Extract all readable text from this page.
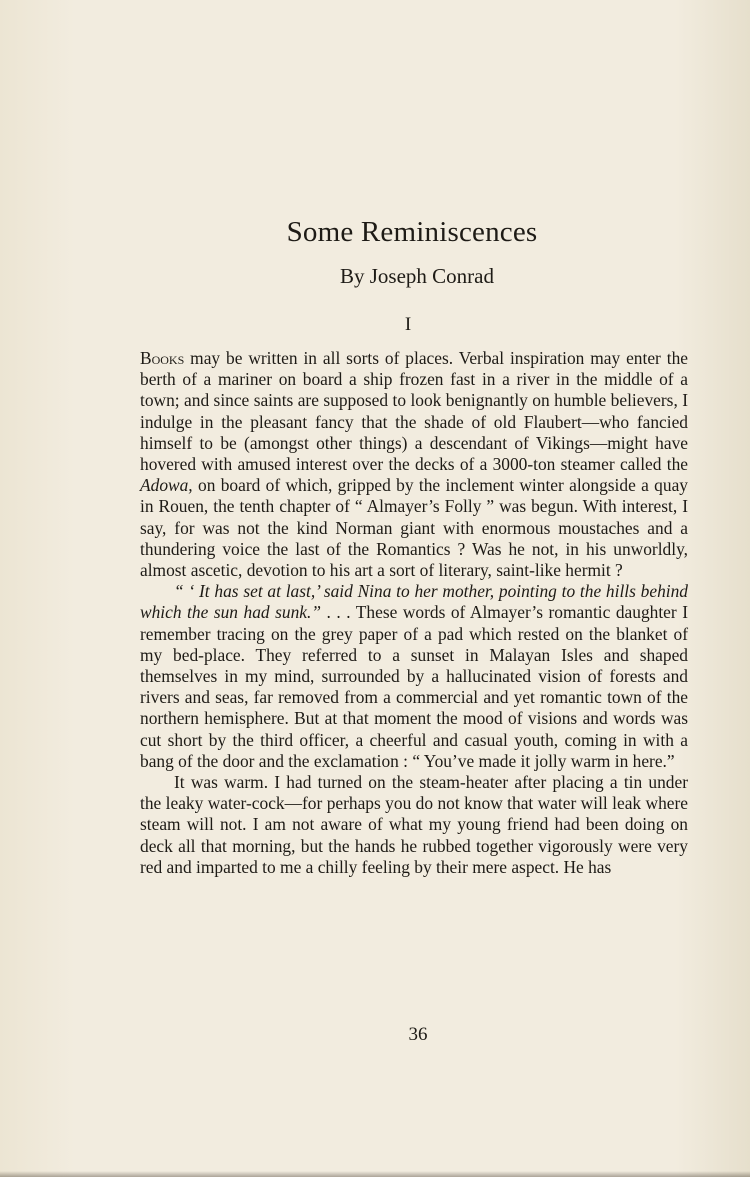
Some Reminiscences
By Joseph Conrad
I

Books may be written in all sorts of places. Verbal inspiration may enter the berth of a mariner on board a ship frozen fast in a river in the middle of a town; and since saints are supposed to look benignantly on humble believers, I indulge in the pleasant fancy that the shade of old Flaubert—who fancied himself to be (amongst other things) a descendant of Vikings—might have hovered with amused interest over the decks of a 3000-ton steamer called the Adowa, on board of which, gripped by the inclement winter alongside a quay in Rouen, the tenth chapter of “ Almayer’s Folly ” was begun. With interest, I say, for was not the kind Norman giant with enormous moustaches and a thundering voice the last of the Romantics ? Was he not, in his unworldly, almost ascetic, devotion to his art a sort of literary, saint-like hermit ?

“ ‘ It has set at last,’ said Nina to her mother, pointing to the hills behind which the sun had sunk.” . . . These words of Almayer’s romantic daughter I remember tracing on the grey paper of a pad which rested on the blanket of my bed-place. They referred to a sunset in Malayan Isles and shaped themselves in my mind, surrounded by a hallucinated vision of forests and rivers and seas, far removed from a commercial and yet romantic town of the northern hemisphere. But at that moment the mood of visions and words was cut short by the third officer, a cheerful and casual youth, coming in with a bang of the door and the exclamation : “ You’ve made it jolly warm in here.”

It was warm. I had turned on the steam-heater after placing a tin under the leaky water-cock—for perhaps you do not know that water will leak where steam will not. I am not aware of what my young friend had been doing on deck all that morning, but the hands he rubbed together vigorously were very red and imparted to me a chilly feeling by their mere aspect. He has

36
